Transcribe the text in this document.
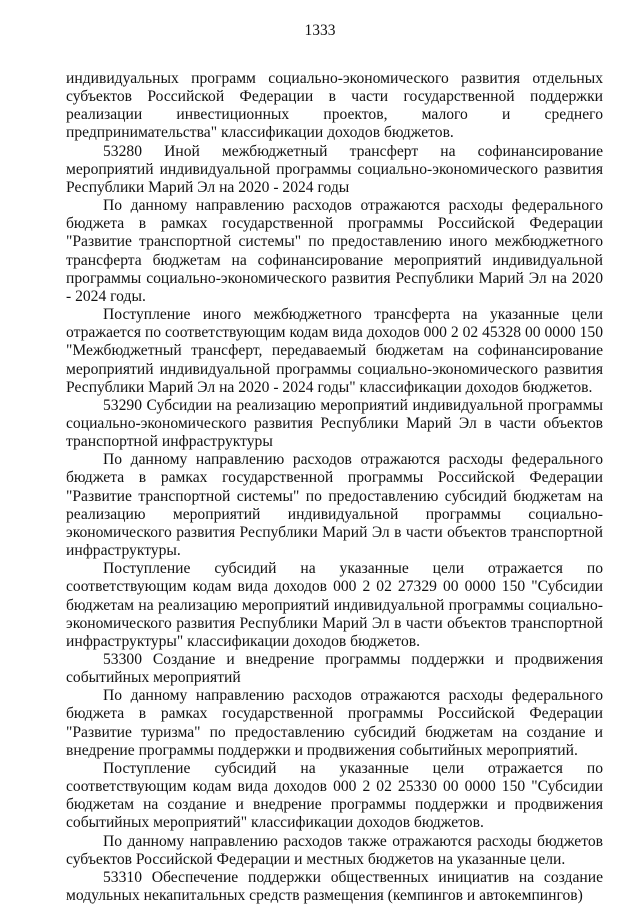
1333

индивидуальных программ социально-экономического развития отдельных субъектов Российской Федерации в части государственной поддержки реализации инвестиционных проектов, малого и среднего предпринимательства" классификации доходов бюджетов.

53280 Иной межбюджетный трансферт на софинансирование мероприятий индивидуальной программы социально-экономического развития Республики Марий Эл на 2020 - 2024 годы

По данному направлению расходов отражаются расходы федерального бюджета в рамках государственной программы Российской Федерации "Развитие транспортной системы" по предоставлению иного межбюджетного трансферта бюджетам на софинансирование мероприятий индивидуальной программы социально-экономического развития Республики Марий Эл на 2020 - 2024 годы.

Поступление иного межбюджетного трансферта на указанные цели отражается по соответствующим кодам вида доходов 000 2 02 45328 00 0000 150 "Межбюджетный трансферт, передаваемый бюджетам на софинансирование мероприятий индивидуальной программы социально-экономического развития Республики Марий Эл на 2020 - 2024 годы" классификации доходов бюджетов.

53290 Субсидии на реализацию мероприятий индивидуальной программы социально-экономического развития Республики Марий Эл в части объектов транспортной инфраструктуры

По данному направлению расходов отражаются расходы федерального бюджета в рамках государственной программы Российской Федерации "Развитие транспортной системы" по предоставлению субсидий бюджетам на реализацию мероприятий индивидуальной программы социально-экономического развития Республики Марий Эл в части объектов транспортной инфраструктуры.

Поступление субсидий на указанные цели отражается по соответствующим кодам вида доходов 000 2 02 27329 00 0000 150 "Субсидии бюджетам на реализацию мероприятий индивидуальной программы социально-экономического развития Республики Марий Эл в части объектов транспортной инфраструктуры" классификации доходов бюджетов.

53300 Создание и внедрение программы поддержки и продвижения событийных мероприятий

По данному направлению расходов отражаются расходы федерального бюджета в рамках государственной программы Российской Федерации "Развитие туризма" по предоставлению субсидий бюджетам на создание и внедрение программы поддержки и продвижения событийных мероприятий.

Поступление субсидий на указанные цели отражается по соответствующим кодам вида доходов 000 2 02 25330 00 0000 150 "Субсидии бюджетам на создание и внедрение программы поддержки и продвижения событийных мероприятий" классификации доходов бюджетов.

По данному направлению расходов также отражаются расходы бюджетов субъектов Российской Федерации и местных бюджетов на указанные цели.

53310 Обеспечение поддержки общественных инициатив на создание модульных некапитальных средств размещения (кемпингов и автокемпингов)
